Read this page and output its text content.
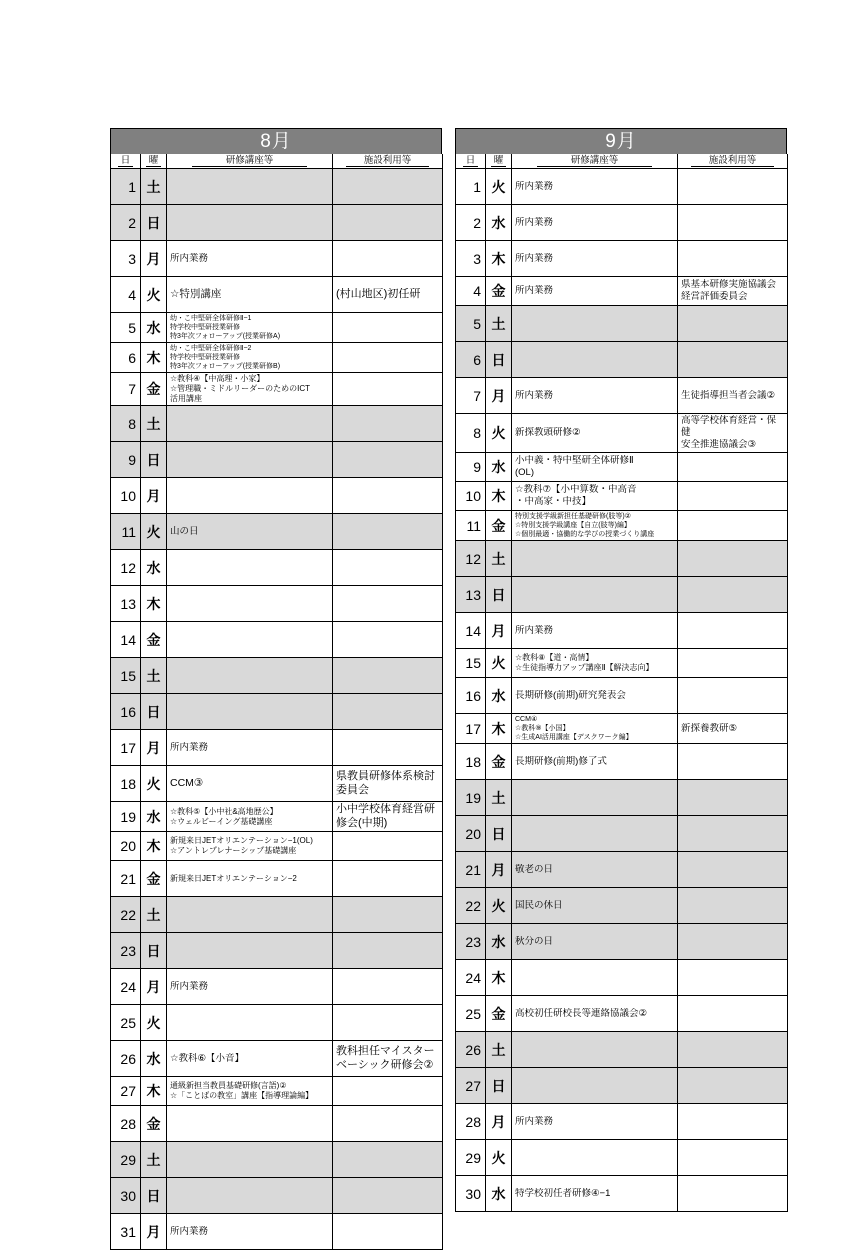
8月
日	曜	研修講座等	施設利用等
1	土		
2	日		
3	月	所内業務	

4	火	☆特別講座	(村山地区)初任研

5	水	幼・こ中堅研全体研修Ⅱ−1
特学校中堅研授業研修
特3年次フォローアップ(授業研修A)	

6	木	幼・こ中堅研全体研修Ⅱ−2
特学校中堅研授業研修
特3年次フォローアップ(授業研修B)	

7	金	☆教科④【中高理・小家】
☆管理職・ミドルリーダーのためのICT
活用講座	

8	土		
9	日		
10	月		
11	火	山の日	

12	水		
13	木		
14	金		
15	土		
16	日		
17	月	所内業務	

18	火	CCM③	県教員研修体系検討委員会

19	水	☆教科⑤【小中社&高地歴公】
☆ウェルビーイング基礎講座	小中学校体育経営研修会(中期)

20	木	新規来日JETオリエンテーション−1(OL)
☆アントレプレナーシップ基礎講座	

21	金	新規来日JETオリエンテーション−2	

22	土		
23	日		
24	月	所内業務	

25	火		
26	水	☆教科⑥【小音】	教科担任マイスターベーシック研修会②

27	木	通級新担当教員基礎研修(言語)②
☆「ことばの教室」講座【指導理論編】	

28	金		
29	土		
30	日		
31	月	所内業務	

9月
日	曜	研修講座等	施設利用等
1	火	所内業務	

2	水	所内業務	

3	木	所内業務	

4	金	所内業務	県基本研修実施協議会
経営評価委員会

5	土		
6	日		
7	月	所内業務	生徒指導担当者会議②

8	火	新探教頭研修②	高等学校体育経営・保健
安全推進協議会③

9	水	小中義・特中堅研全体研修Ⅱ
(OL)	

10	木	☆教科⑦【小中算数・中高音
・中高家・中技】	

11	金	特別支援学級新担任基礎研修(肢等)②
☆特別支援学級講座【自立(肢等)編】
☆個別最適・協働的な学びの授業づくり講座	

12	土		
13	日		
14	月	所内業務	

15	火	☆教科⑧【道・高情】
☆生徒指導力アップ講座Ⅱ【解決志向】	

16	水	長期研修(前期)研究発表会	

17	木	CCM④
☆教科⑨【小国】
☆生成AI活用講座【デスクワーク編】	新探養教研⑤

18	金	長期研修(前期)修了式	

19	土		
20	日		
21	月	敬老の日	

22	火	国民の休日	

23	水	秋分の日	

24	木		
25	金	高校初任研校長等連絡協議会②	

26	土		
27	日		
28	月	所内業務	

29	火		
30	水	特学校初任者研修④−1	
